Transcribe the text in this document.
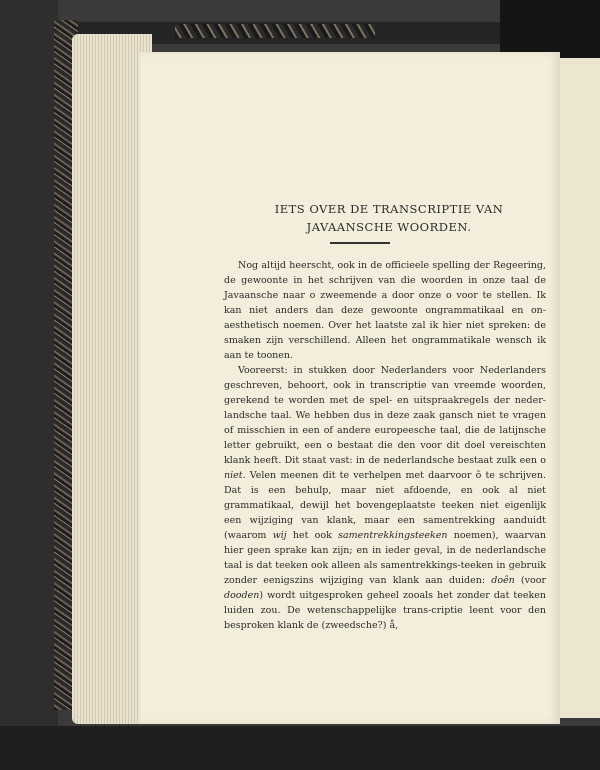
IETS OVER DE TRANSCRIPTIE VAN
JAVAANSCHE WOORDEN.

Nog altijd heerscht, ook in de officieele spelling der Regeering, de gewoonte in het schrijven van die woorden in onze taal de Javaansche naar o zweemende a door onze o voor te stellen. Ik kan niet anders dan deze gewoonte ongrammatikaal en on-aesthetisch noemen. Over het laatste zal ik hier niet spreken: de smaken zijn verschillend. Alleen het ongrammatikale wensch ik aan te toonen.

Vooreerst: in stukken door Nederlanders voor Nederlanders geschreven, behoort, ook in transcriptie van vreemde woorden, gerekend te worden met de spel- en uitspraakregels der neder-landsche taal. We hebben dus in deze zaak gansch niet te vragen of misschien in een of andere europeesche taal, die de latijnsche letter gebruikt, een o bestaat die den voor dit doel vereischten klank heeft. Dit staat vast: in de nederlandsche bestaat zulk een o niet. Velen meenen dit te verhelpen met daarvoor ô te schrijven. Dat is een behulp, maar niet afdoende, en ook al niet grammatikaal, dewijl het bovengeplaatste teeken niet eigenlijk een wijziging van klank, maar een samentrekking aanduidt (waarom wij het ook samentrekkingsteeken noemen), waarvan hier geen sprake kan zijn; en in ieder geval, in de nederlandsche taal is dat teeken ook alleen als samentrekkings-teeken in gebruik zonder eenigszins wijziging van klank aan duiden: doên (voor dooden) wordt uitgesproken geheel zooals het zonder dat teeken luiden zou. De wetenschappelijke trans-criptie leent voor den besproken klank de (zweedsche?) å,
